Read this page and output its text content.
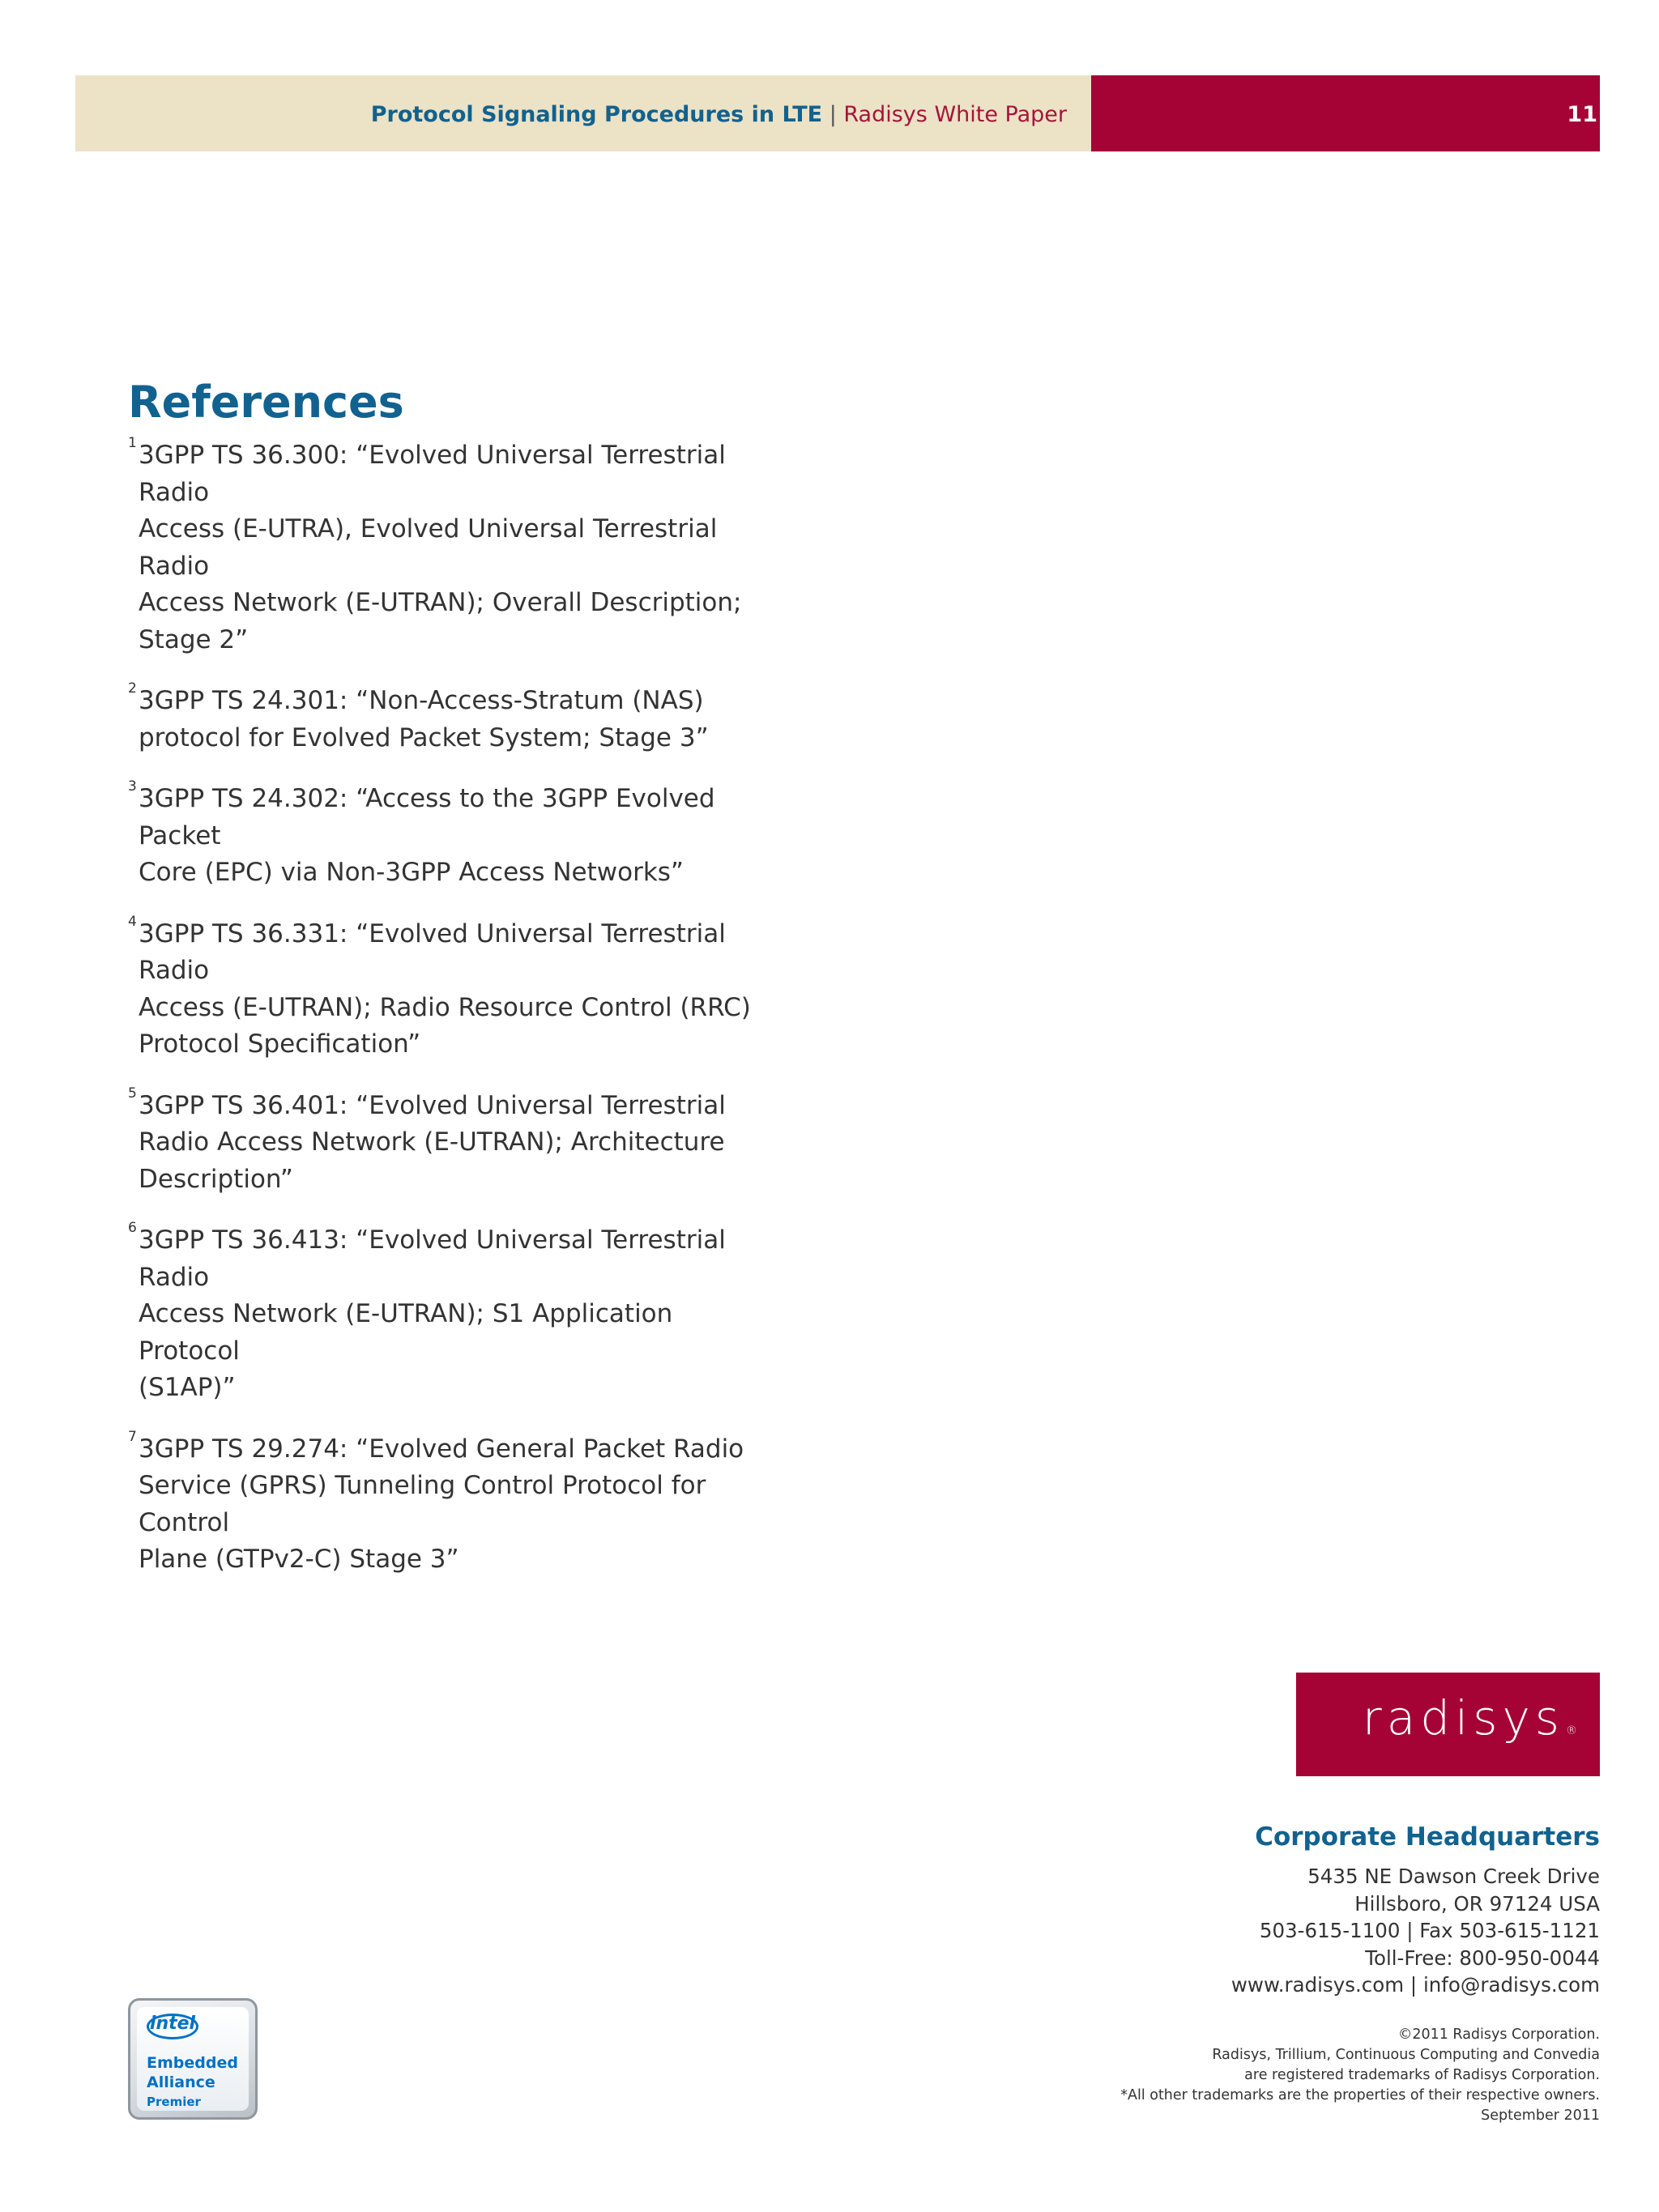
Protocol Signaling Procedures in LTE | Radisys White Paper	11
References
1 3GPP TS 36.300: “Evolved Universal Terrestrial Radio
Access (E-UTRA), Evolved Universal Terrestrial Radio
Access Network (E-UTRAN); Overall Description;
Stage 2”
2 3GPP TS 24.301: “Non-Access-Stratum (NAS)
protocol for Evolved Packet System; Stage 3”
3 3GPP TS 24.302: “Access to the 3GPP Evolved Packet
Core (EPC) via Non-3GPP Access Networks”
4 3GPP TS 36.331: “Evolved Universal Terrestrial Radio
Access (E-UTRAN); Radio Resource Control (RRC)
Protocol Specification”
5 3GPP TS 36.401: “Evolved Universal Terrestrial
Radio Access Network (E-UTRAN); Architecture
Description”
6 3GPP TS 36.413: “Evolved Universal Terrestrial Radio
Access Network (E-UTRAN); S1 Application Protocol
(S1AP)”
7 3GPP TS 29.274: “Evolved General Packet Radio
Service (GPRS) Tunneling Control Protocol for Control
Plane (GTPv2-C) Stage 3”
radisys ®
Corporate Headquarters
5435 NE Dawson Creek Drive
Hillsboro, OR 97124 USA
503-615-1100 | Fax 503-615-1121
Toll-Free: 800-950-0044
www.radisys.com | info@radisys.com
©2011 Radisys Corporation.
Radisys, Trillium, Continuous Computing and Convedia
are registered trademarks of Radisys Corporation.
*All other trademarks are the properties of their respective owners.
September 2011
intel
Embedded
Alliance
Premier
